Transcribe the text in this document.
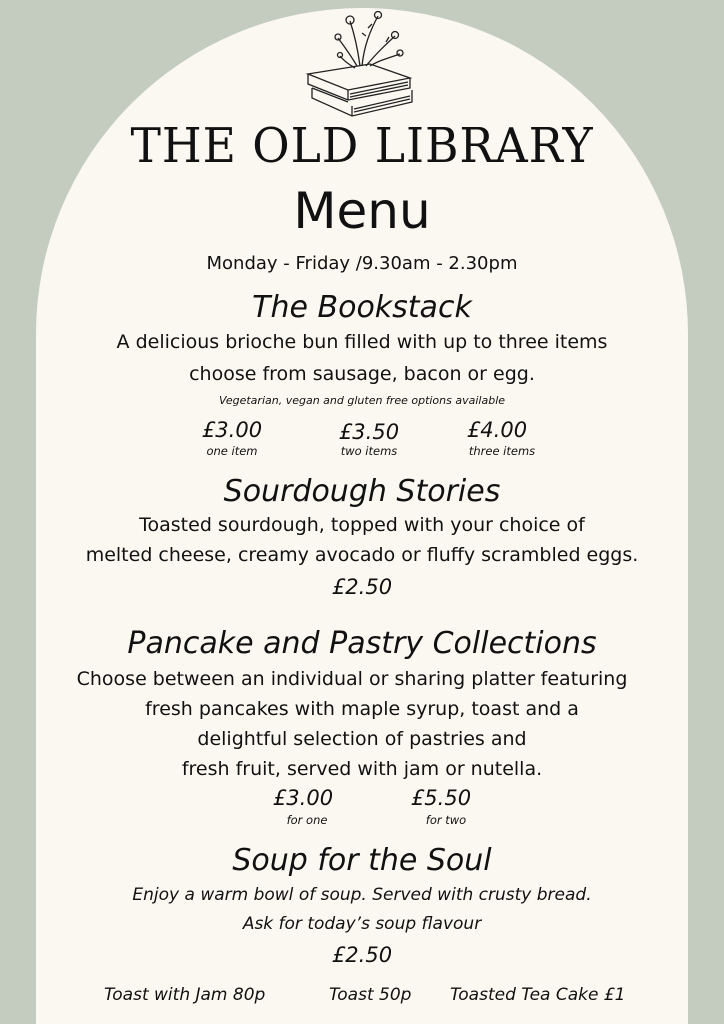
THE OLD LIBRARY
Menu
Monday - Friday /9.30am - 2.30pm
The Bookstack
A delicious brioche bun filled with up to three items
choose from sausage, bacon or egg.
Vegetarian, vegan and gluten free options available
£3.00
one item
£3.50
two items
£4.00
three items
Sourdough Stories
Toasted sourdough, topped with your choice of
melted cheese, creamy avocado or fluffy scrambled eggs.
£2.50
Pancake and Pastry Collections
Choose between an individual or sharing platter featuring
fresh pancakes with maple syrup, toast and a
delightful selection of pastries and
fresh fruit, served with jam or nutella.
£3.00
for one
£5.50
for two
Soup for the Soul
Enjoy a warm bowl of soup. Served with crusty bread.
Ask for today’s soup flavour
£2.50
Toast with Jam 80p	Toast 50p Toasted Tea Cake £1
